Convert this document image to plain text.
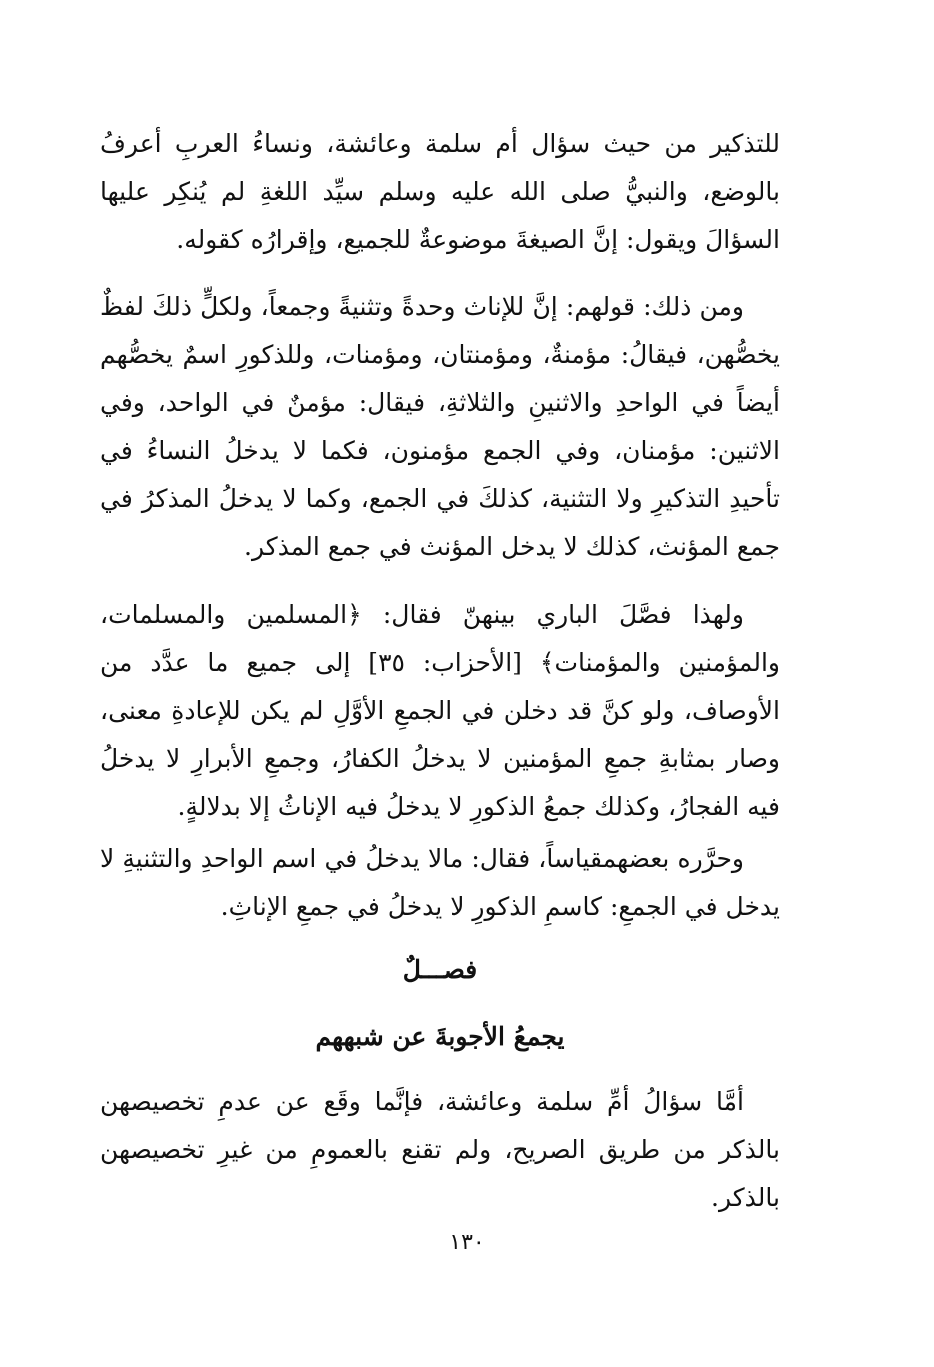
للتذكير من حيث سؤال أم سلمة وعائشة، ونساءُ العربِ أعرفُ بالوضع، والنبيُّ صلى الله عليه وسلم سيِّد اللغةِ لم يُنكِر عليها السؤالَ ويقول: إنَّ الصيغةَ موضوعةٌ للجميع، وإقرارُه كقوله.

ومن ذلك: قولهم: إنَّ للإناث وحدةً وتثنيةً وجمعاً، ولكلٍّ ذلكَ لفظٌ يخصُّهن، فيقالُ: مؤمنةٌ، ومؤمنتان، ومؤمنات، وللذكورِ اسمٌ يخصُّهم أيضاً في الواحدِ والاثنينِ والثلاثةِ، فيقال: مؤمنٌ في الواحد، وفي الاثنين: مؤمنان، وفي الجمع مؤمنون، فكما لا يدخلُ النساءُ في تأحيدِ التذكيرِ ولا التثنية، كذلكَ في الجمع، وكما لا يدخلُ المذكرُ في جمع المؤنث، كذلك لا يدخل المؤنث في جمع المذكر.

ولهذا فصَّلَ الباري بينهنّ فقال: ﴿المسلمين والمسلمات، والمؤمنين والمؤمنات﴾ [الأحزاب: ٣٥] إلى جميع ما عدَّد من الأوصاف، ولو كنَّ قد دخلن في الجمعِ الأوَّلِ لم يكن للإعادةِ معنى، وصار بمثابةِ جمعِ المؤمنين لا يدخلُ الكفارُ، وجمعِ الأبرارِ لا يدخلُ فيه الفجارُ، وكذلك جمعُ الذكورِ لا يدخلُ فيه الإناثُ إلا بدلالةٍ.

وحرَّره بعضهمقياساً، فقال: مالا يدخلُ في اسم الواحدِ والتثنيةِ لا يدخل في الجمعِ: كاسمِ الذكورِ لا يدخلُ في جمعِ الإناثِ.

فصـــلٌ
يجمعُ الأجوبةَ عن شبههم

أمَّا سؤالُ أمِّ سلمة وعائشة، فإنَّما وقَع عن عدمِ تخصيصهن بالذكر من طريق الصريح، ولم تقنع بالعمومِ من غيرِ تخصيصهن بالذكر.

١٣٠
